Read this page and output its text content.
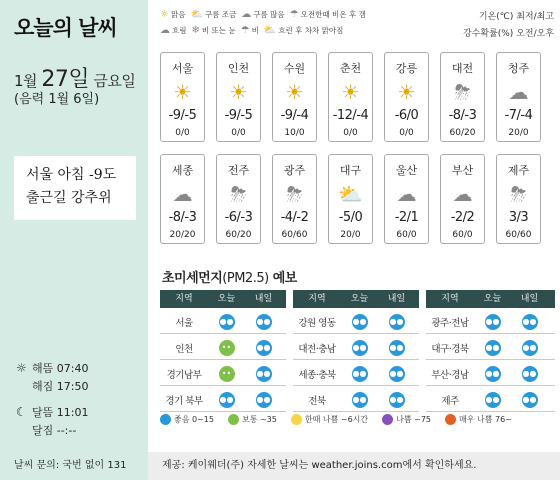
오늘의 날씨
1월 27일 금요일
(음력 1월 6일)
서울 아침 -9도
출근길 강추위
☼ 해뜸 07:40
해짐 17:50
☾ 달뜸 11:01
달짐 --:--
날씨 문의: 국번 없이 131
☼ 맑음 ⛅ 구름 조금 ☁ 구름 많음 ☂ 오전한때 비온 후 갬
☁ 흐림 ❄ 비 또는 눈 ☂ 비 ⛅ 흐린 후 차차 맑아짐
기온(℃) 최저/최고
강수확률(%) 오전/오후
서울
☀
-9/-5
0/0
인천
☀
-9/-5
0/0
수원
☀
-9/-4
10/0
춘천
☀
-12/-4
0/0
강릉
☀
-6/0
0/0
대전
⛈
-8/-3
60/20
청주
☁
-7/-4
20/0
세종
☁
-8/-3
20/20
전주
⛈
-6/-3
60/20
광주
⛈
-4/-2
60/60
대구
⛅
-5/0
20/0
울산
☁
-2/1
60/0
부산
☁
-2/2
60/0
제주
⛈
3/3
60/60
초미세먼지(PM2.5) 예보
지역	오늘	내일
서울	●●	●●
인천	••	●●
경기남부	••	●●
경기 북부	●●	●●
지역	오늘	내일
강원 영동	●●	●●
대전·충남	●●	●●
세종·충북	●●	●●
전북	●●	●●
지역	오늘	내일
광주·전남	●●	●●
대구·경북	●●	●●
부산·경남	●●	●●
제주	●●	●●
좋음 0~15	보통 ~35	한때 나쁨 ~6시간	나쁨 ~75	매우 나쁨 76~
제공: 케이웨더(주) 자세한 날씨는 weather.joins.com에서 확인하세요.
